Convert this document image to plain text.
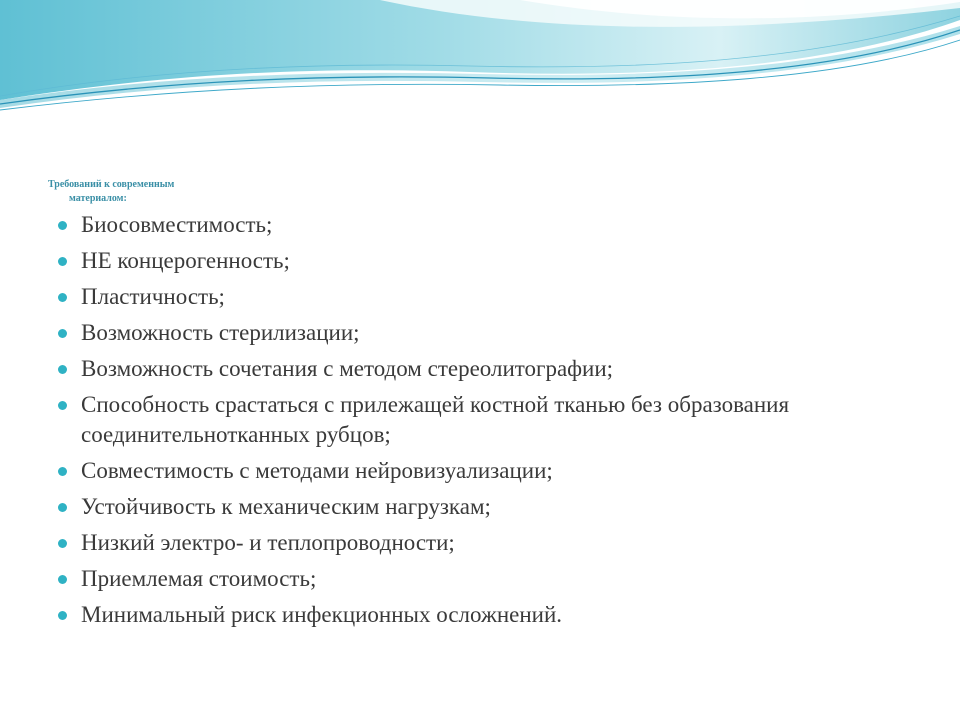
Требований к современным
материалом:
Биосовместимость;
НЕ концерогенность;
Пластичность;
Возможность стерилизации;
Возможность сочетания с методом стереолитографии;
Способность срастаться с прилежащей костной тканью без образования соединительнотканных рубцов;
Совместимость с методами нейровизуализации;
Устойчивость к механическим нагрузкам;
Низкий электро- и теплопроводности;
Приемлемая стоимость;
Минимальный риск инфекционных осложнений.
